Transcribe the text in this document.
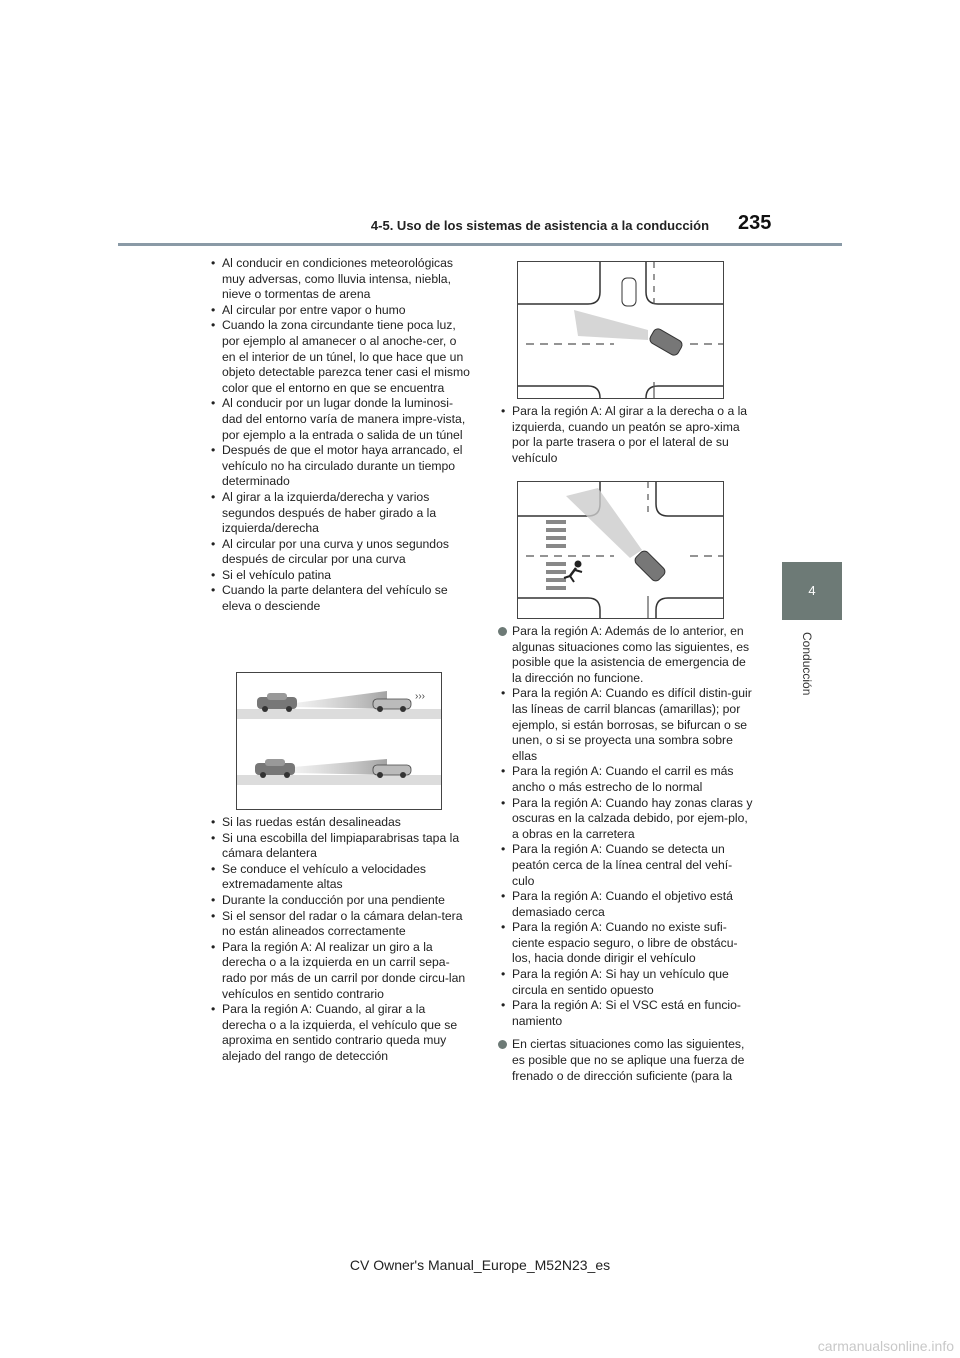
4-5. Uso de los sistemas de asistencia a la conducción	235
4
Conducción
• Al conducir en condiciones meteorológicas muy adversas, como lluvia intensa, niebla, nieve o tormentas de arena
• Al circular por entre vapor o humo
• Cuando la zona circundante tiene poca luz, por ejemplo al amanecer o al anoche-cer, o en el interior de un túnel, lo que hace que un objeto detectable parezca tener casi el mismo color que el entorno en que se encuentra
• Al conducir por un lugar donde la luminosi-dad del entorno varía de manera impre-vista, por ejemplo a la entrada o salida de un túnel
• Después de que el motor haya arrancado, el vehículo no ha circulado durante un tiempo determinado
• Al girar a la izquierda/derecha y varios segundos después de haber girado a la izquierda/derecha
• Al circular por una curva y unos segundos después de circular por una curva
• Si el vehículo patina
• Cuando la parte delantera del vehículo se eleva o desciende
›››
• Si las ruedas están desalineadas
• Si una escobilla del limpiaparabrisas tapa la cámara delantera
• Se conduce el vehículo a velocidades extremadamente altas
• Durante la conducción por una pendiente
• Si el sensor del radar o la cámara delan-tera no están alineados correctamente
• Para la región A: Al realizar un giro a la derecha o a la izquierda en un carril sepa-rado por más de un carril por donde circu-lan vehículos en sentido contrario
• Para la región A: Cuando, al girar a la derecha o a la izquierda, el vehículo que se aproxima en sentido contrario queda muy alejado del rango de detección
• Para la región A: Al girar a la derecha o a la izquierda, cuando un peatón se apro-xima por la parte trasera o por el lateral de su vehículo

Para la región A: Además de lo anterior, en algunas situaciones como las siguientes, es posible que la asistencia de emergencia de la dirección no funcione.

• Para la región A: Cuando es difícil distin-guir las líneas de carril blancas (amarillas); por ejemplo, si están borrosas, se bifurcan o se unen, o si se proyecta una sombra sobre ellas
• Para la región A: Cuando el carril es más ancho o más estrecho de lo normal
• Para la región A: Cuando hay zonas claras y oscuras en la calzada debido, por ejem-plo, a obras en la carretera
• Para la región A: Cuando se detecta un peatón cerca de la línea central del vehí-culo
• Para la región A: Cuando el objetivo está demasiado cerca
• Para la región A: Cuando no existe sufi-ciente espacio seguro, o libre de obstácu-los, hacia donde dirigir el vehículo
• Para la región A: Si hay un vehículo que circula en sentido opuesto
• Para la región A: Si el VSC está en funcio-namiento

En ciertas situaciones como las siguientes, es posible que no se aplique una fuerza de frenado o de dirección suficiente (para la

CV Owner's Manual_Europe_M52N23_es
carmanualsonline.info
